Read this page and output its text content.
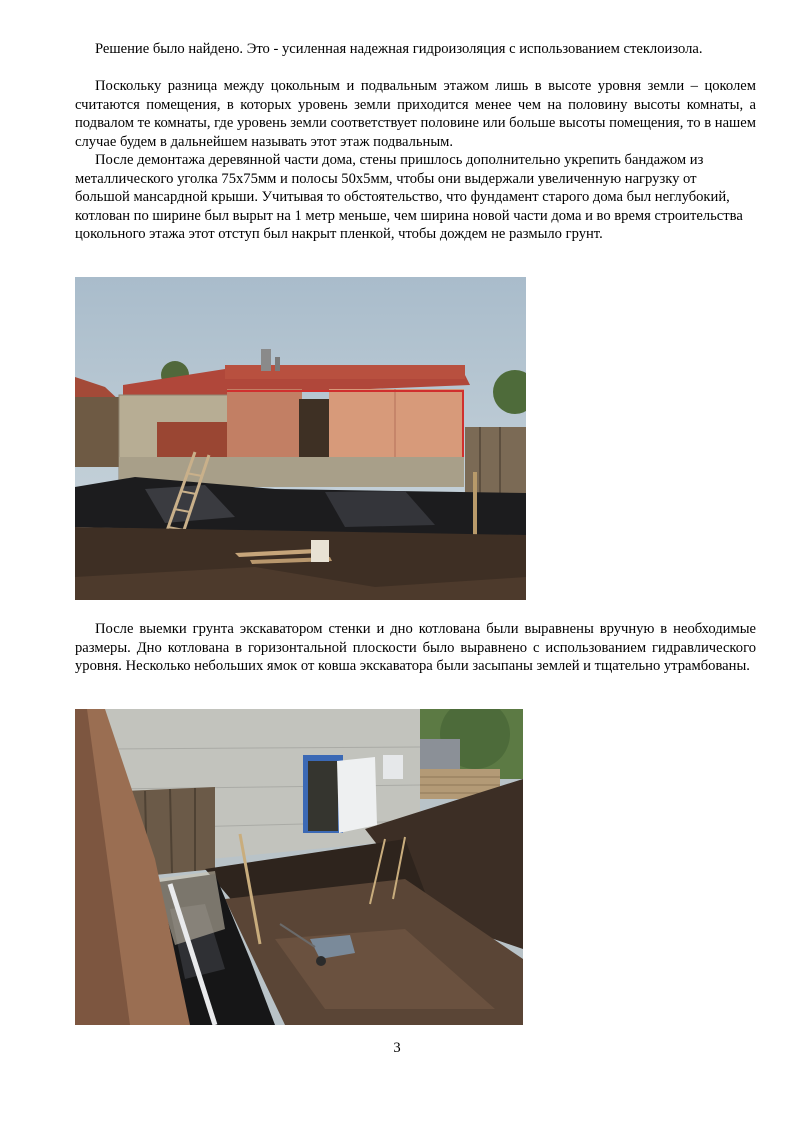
Решение было найдено. Это - усиленная надежная гидроизоляция с использованием стеклоизола.

Поскольку разница между цокольным и подвальным этажом лишь в высоте уровня земли – цоколем считаются помещения, в которых уровень земли приходится менее чем на половину высоты комнаты, а подвалом те комнаты, где уровень земли соответствует половине или больше высоты помещения, то в нашем случае будем в дальнейшем называть этот этаж подвальным.

После демонтажа деревянной части дома, стены пришлось дополнительно укрепить бандажом из металлического уголка 75х75мм и полосы 50х5мм, чтобы они выдержали увеличенную нагрузку от большой мансардной крыши. Учитывая то обстоятельство, что фундамент старого дома был неглубокий, котлован по ширине был вырыт на 1 метр меньше, чем ширина новой части дома и во время строительства цокольного этажа этот отступ был накрыт пленкой, чтобы дождем не размыло грунт.

После выемки грунта экскаватором стенки и дно котлована были выравнены вручную в необходимые размеры. Дно котлована в горизонтальной плоскости было выравнено с использованием гидравлического уровня. Несколько небольших ямок от ковша экскаватора были засыпаны землей и тщательно утрамбованы.

3
